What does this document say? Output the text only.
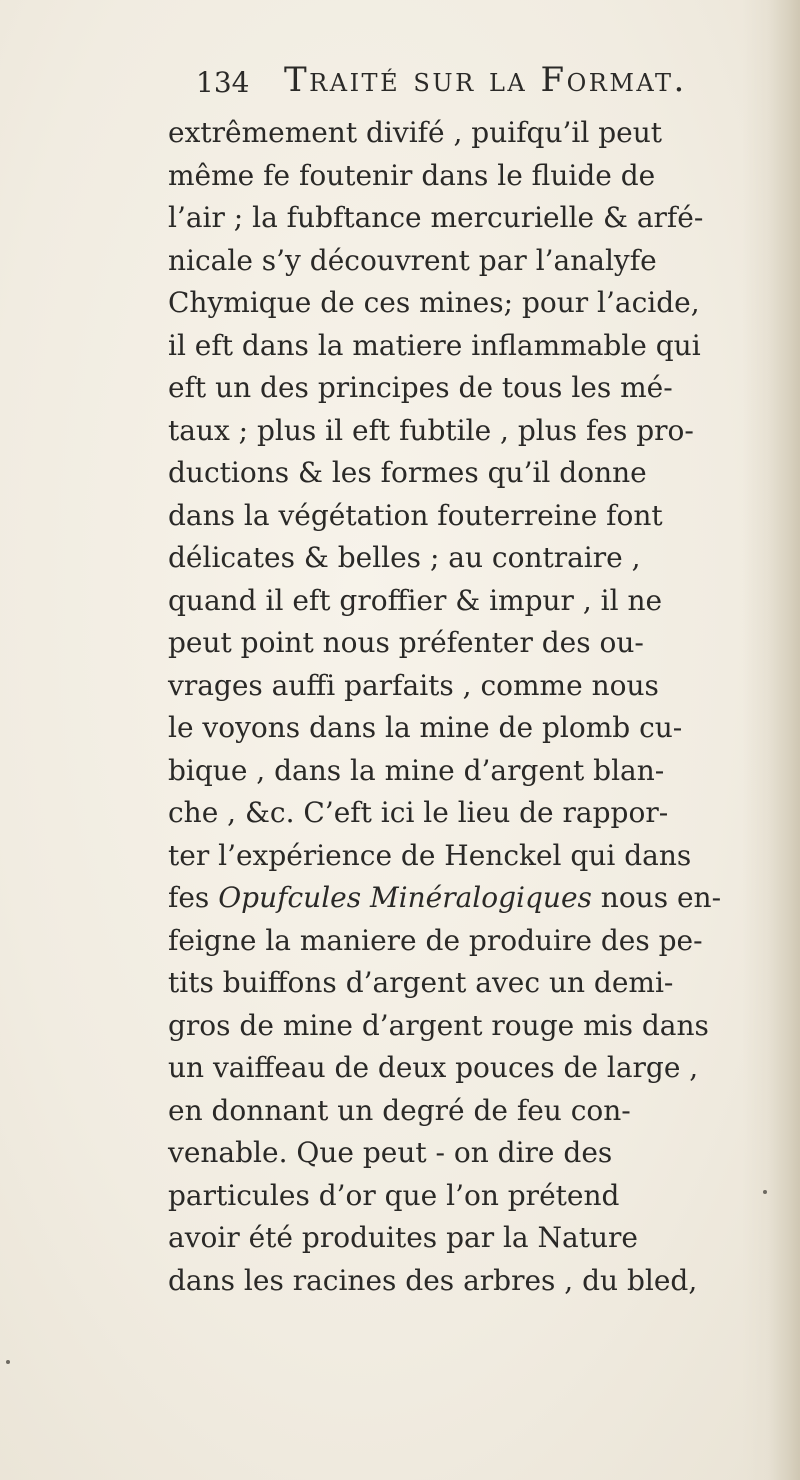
134 Traité sur la Format.
extrêmement divifé , puifqu’il peut
même fe foutenir dans le fluide de
l’air ; la fubftance mercurielle & arfé-
nicale s’y découvrent par l’analyfe
Chymique de ces mines; pour l’acide,
il eft dans la matiere inflammable qui
eft un des principes de tous les mé-
taux ; plus il eft fubtile , plus fes pro-
ductions & les formes qu’il donne
dans la végétation fouterreine font
délicates & belles ; au contraire ,
quand il eft groffier & impur , il ne
peut point nous préfenter des ou-
vrages auffi parfaits , comme nous
le voyons dans la mine de plomb cu-
bique , dans la mine d’argent blan-
che , &c. C’eft ici le lieu de rappor-
ter l’expérience de Henckel qui dans
fes Opufcules Minéralogiques nous en-
feigne la maniere de produire des pe-
tits buiffons d’argent avec un demi-
gros de mine d’argent rouge mis dans
un vaiffeau de deux pouces de large ,
en donnant un degré de feu con-
venable. Que peut - on dire des
particules d’or que l’on prétend
avoir été produites par la Nature
dans les racines des arbres , du bled,
